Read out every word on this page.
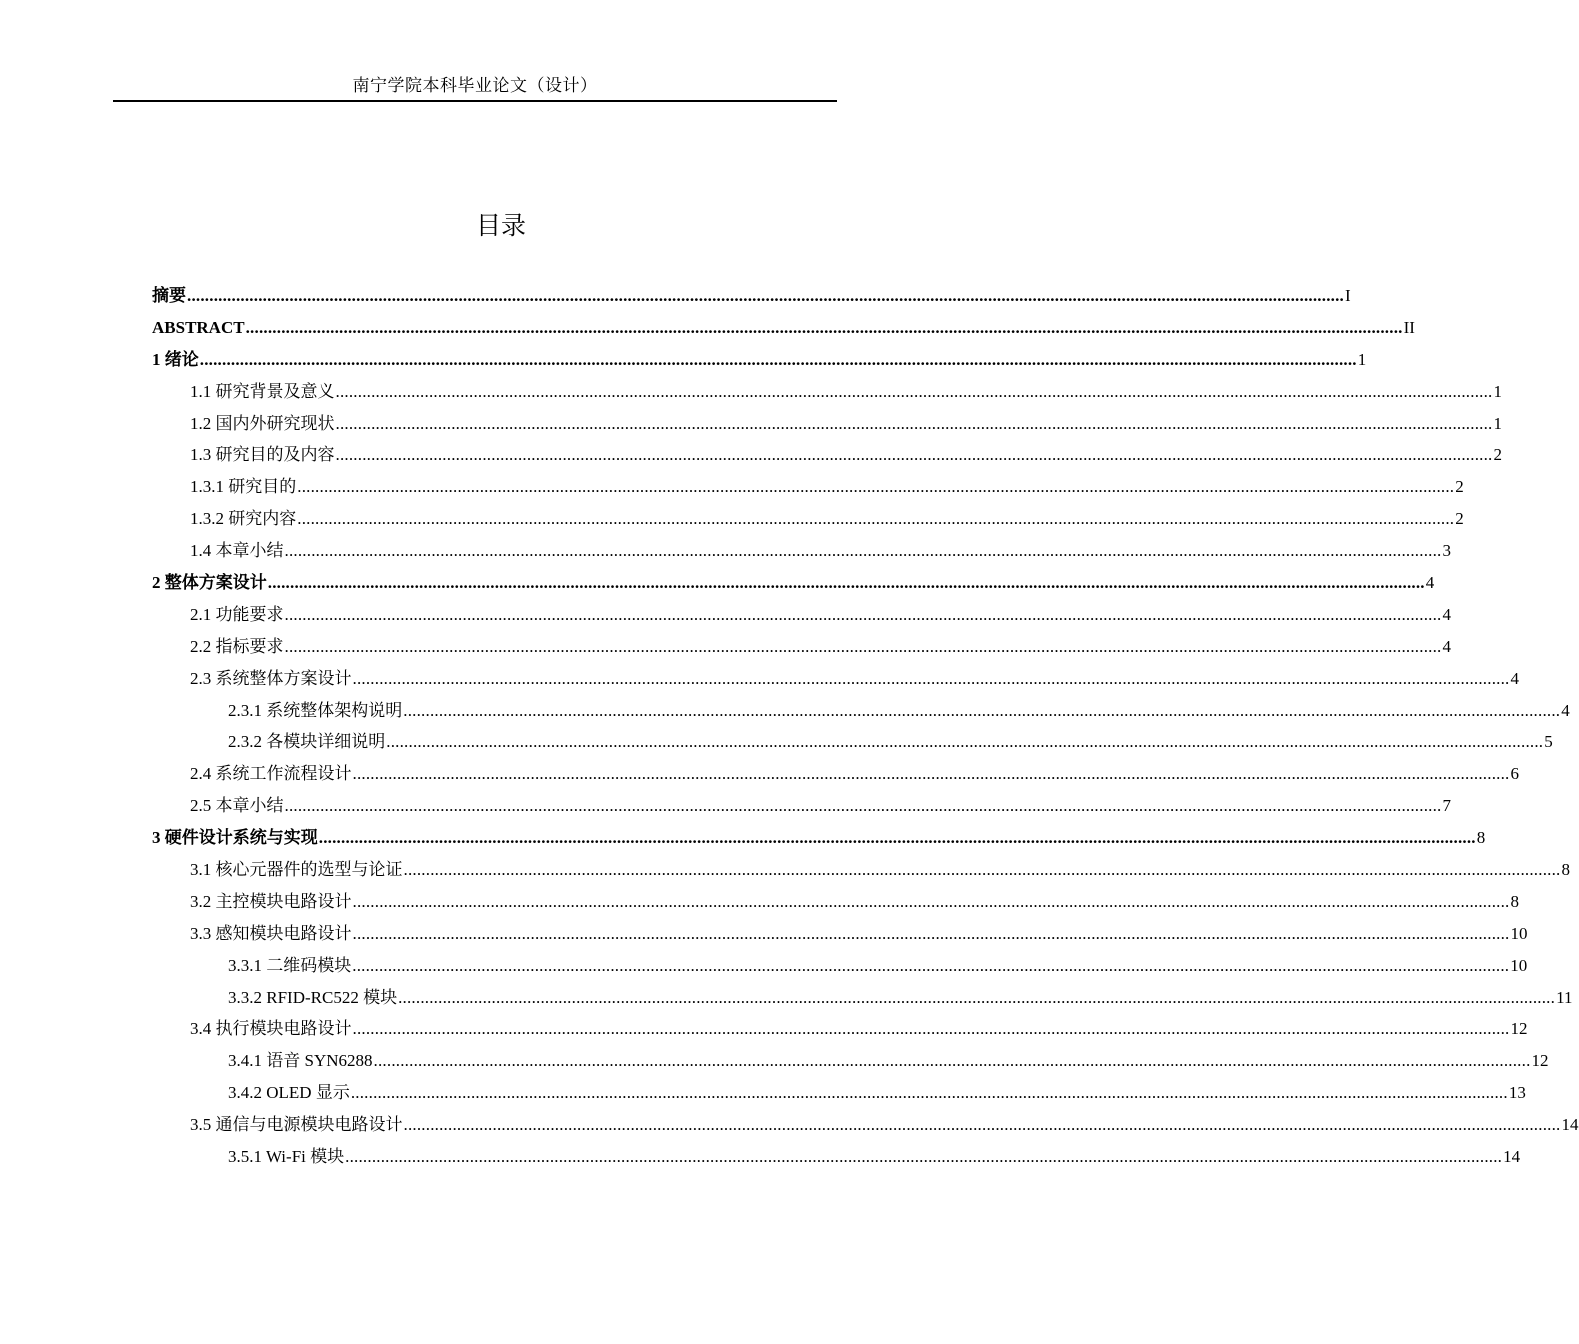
南宁学院本科毕业论文（设计）
目录
摘要 .................................................................................................................................................................................................................................................................... I
ABSTRACT .................................................................................................................................................................................................................................................................... II
1 绪论 .................................................................................................................................................................................................................................................................... 1
1.1 研究背景及意义 .................................................................................................................................................................................................................................................................... 1
1.2 国内外研究现状 .................................................................................................................................................................................................................................................................... 1
1.3 研究目的及内容 .................................................................................................................................................................................................................................................................... 2
1.3.1 研究目的 .................................................................................................................................................................................................................................................................... 2
1.3.2 研究内容 .................................................................................................................................................................................................................................................................... 2
1.4 本章小结 .................................................................................................................................................................................................................................................................... 3
2 整体方案设计 .................................................................................................................................................................................................................................................................... 4
2.1 功能要求 .................................................................................................................................................................................................................................................................... 4
2.2 指标要求 .................................................................................................................................................................................................................................................................... 4
2.3 系统整体方案设计 .................................................................................................................................................................................................................................................................... 4
2.3.1 系统整体架构说明 .................................................................................................................................................................................................................................................................... 4
2.3.2 各模块详细说明 .................................................................................................................................................................................................................................................................... 5
2.4 系统工作流程设计 .................................................................................................................................................................................................................................................................... 6
2.5 本章小结 .................................................................................................................................................................................................................................................................... 7
3 硬件设计系统与实现 .................................................................................................................................................................................................................................................................... 8
3.1 核心元器件的选型与论证 .................................................................................................................................................................................................................................................................... 8
3.2 主控模块电路设计 .................................................................................................................................................................................................................................................................... 8
3.3 感知模块电路设计 .................................................................................................................................................................................................................................................................... 10
3.3.1 二维码模块 .................................................................................................................................................................................................................................................................... 10
3.3.2 RFID-RC522 模块 .................................................................................................................................................................................................................................................................... 11
3.4 执行模块电路设计 .................................................................................................................................................................................................................................................................... 12
3.4.1 语音 SYN6288 .................................................................................................................................................................................................................................................................... 12
3.4.2 OLED 显示 .................................................................................................................................................................................................................................................................... 13
3.5 通信与电源模块电路设计 .................................................................................................................................................................................................................................................................... 14
3.5.1 Wi-Fi 模块 .................................................................................................................................................................................................................................................................... 14
